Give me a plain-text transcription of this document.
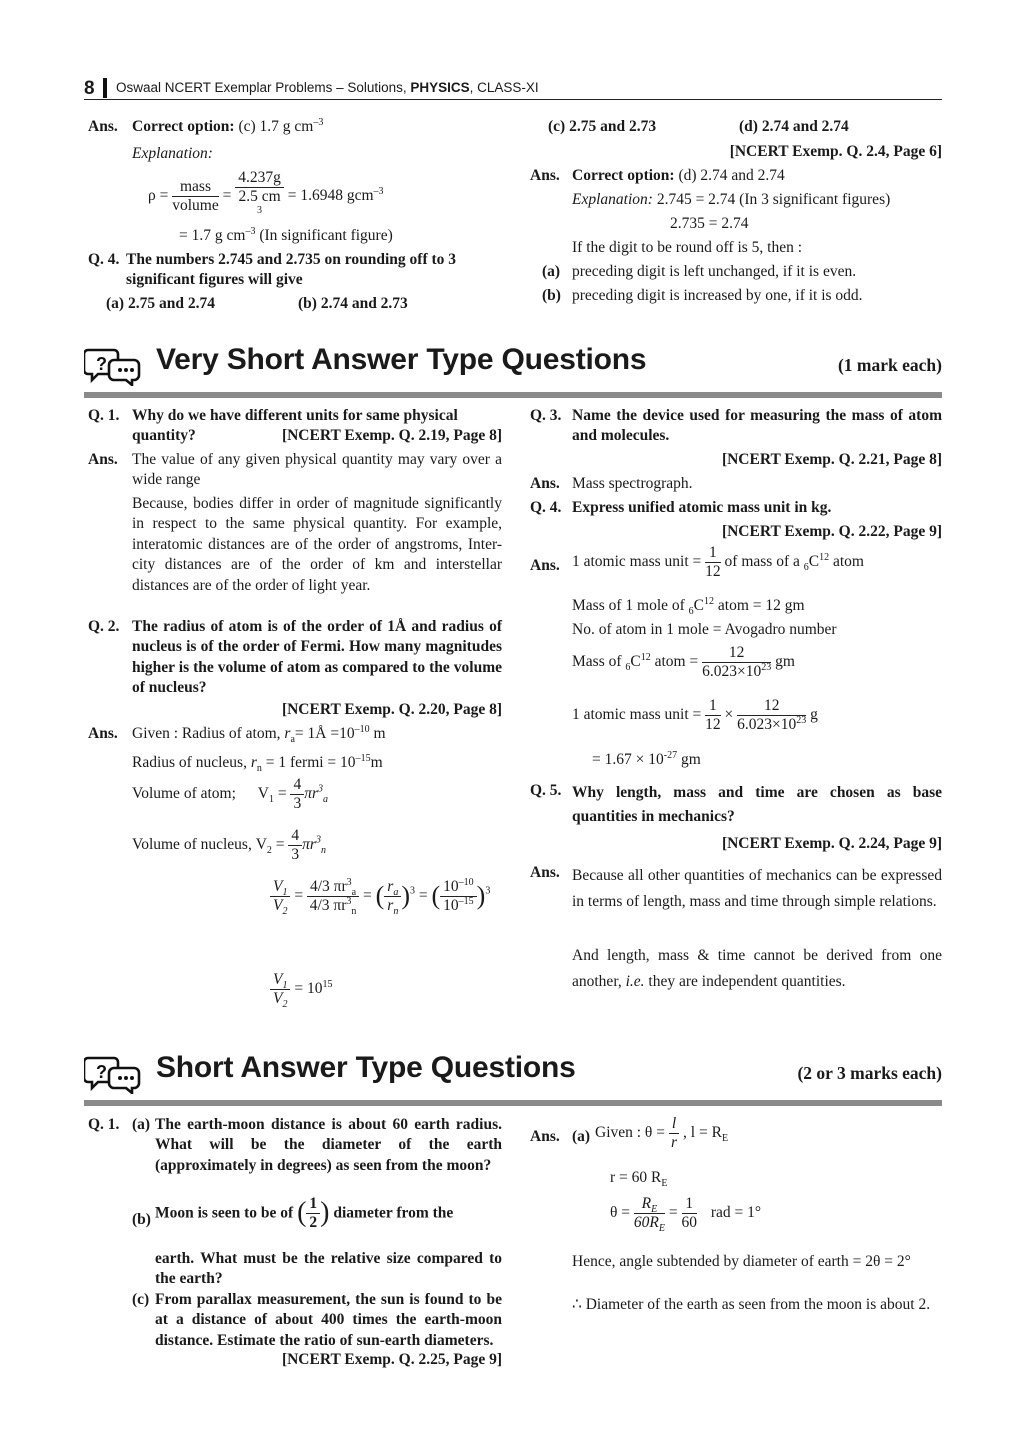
8 Oswaal NCERT Exemplar Problems – Solutions, PHYSICS, CLASS-XI
Ans. Correct option: (c) 1.7 g $cm^{-3}$
Explanation:
$\rho = \frac{\text{mass}}{\text{volume}} = 4.237g$
2.5 cm
$^3$ = 1.6948 gcm$^{-3}$
= 1.7 g $cm^{-3}$ (In significant figure)
Q. 4. The numbers 2.745 and 2.735 on rounding off to 3
significant figures will give
(a) 2.75 and 2.74	(b) 2.74 and 2.73
(c) 2.75 and 2.73	(d) 2.74 and 2.74
[NCERT Exemp. Q. 2.4, Page 6]
Ans. Correct option: (d) 2.74 and 2.74
Explanation: 2.745 = 2.74 (In 3 significant figures)
2.735 = 2.74
If the digit to be round off is 5, then :
(a) preceding digit is left unchanged, if it is even.
(b) preceding digit is increased by one, if it is odd.
? Very Short Answer Type Questions	(1 mark each)
Q. 1. Why do we have different units for same physical
quantity?	[NCERT Exemp. Q. 2.19, Page 8]
Ans. The value of any given physical quantity may vary over a wide range
Because, bodies differ in order of magnitude significantly in respect to the same physical quantity. For example, interatomic distances are of the order of angstroms, Inter-city distances are of the order of km and interstellar distances are of the order of light year.
Q. 2. The radius of atom is of the order of 1Å and radius of nucleus is of the order of Fermi. How many magnitudes higher is the volume of atom as compared to the volume of nucleus?
[NCERT Exemp. Q. 2.20, Page 8]
Ans. Given : Radius of atom, $r_a=$ 1Å $=10^{-10}$ m
Radius of nucleus, $r_n = 1$ fermi = $10^{-15}m$
Volume of atom; $V_1 = \frac{4}{3} \pi r^3_a$
Volume of nucleus, $V_2 = \frac{4}{3} \pi r^3_n$
$\frac{V_1}{V_2} = \frac{4/3 \pi r^3_a}{4/3 \pi r^3_n}$ = ( $\frac{r_a}{r_n} )^3$ = ( $\frac{10^{-10}}{10^{-15}} )^3$
$\frac{V_1}{V_2} = 10^{15}$
Q. 3. Name the device used for measuring the mass of atom and molecules.
[NCERT Exemp. Q. 2.21, Page 8]
Ans. Mass spectrograph.
Q. 4. Express unified atomic mass unit in kg.
[NCERT Exemp. Q. 2.22, Page 9]
Ans. 1 atomic mass unit = $\frac{1}{12}$ of mass of a $_6C^{12}$ atom
Mass of 1 mole of $_6C^{12}$ atom = 12 gm
No. of atom in 1 mole = Avogadro number
Mass of $_6C^{12}$ atom = $\frac{12}{6.023\times 10^{23}}$ gm
1 atomic mass unit = $\frac{1}{12} \times \frac{12}{6.023\times 10^{23}}$ g
= $1.67 \times 10^{-27}$ gm
Q. 5. Why length, mass and time are chosen as base quantities in mechanics?
[NCERT Exemp. Q. 2.24, Page 9]
Ans. Because all other quantities of mechanics can be expressed in terms of length, mass and time through simple relations.
And length, mass & time cannot be derived from one another, i.e. they are independent quantities.
? Short Answer Type Questions	(2 or 3 marks each)
Q. 1. (a) The earth-moon distance is about 60 earth radius. What will be the diameter of the earth (approximately in degrees) as seen from the moon?
(b) Moon is seen to be of ( $\frac{1}{2}$ ) diameter from the
earth. What must be the relative size compared to the earth?
(c) From parallax measurement, the sun is found to be at a distance of about 400 times the earth-moon distance. Estimate the ratio of sun-earth diameters.
[NCERT Exemp. Q. 2.25, Page 9]
Ans. (a) Given : $\theta = \frac{l}{r}$ , $l = R_E$
r = 60 $R_E$
$\theta = \frac{R_E}{60R_E} = \frac{1}{60}$ rad = 1°
Hence, angle subtended by diameter of earth = 2θ = 2°
∴ Diameter of the earth as seen from the moon is about 2.
